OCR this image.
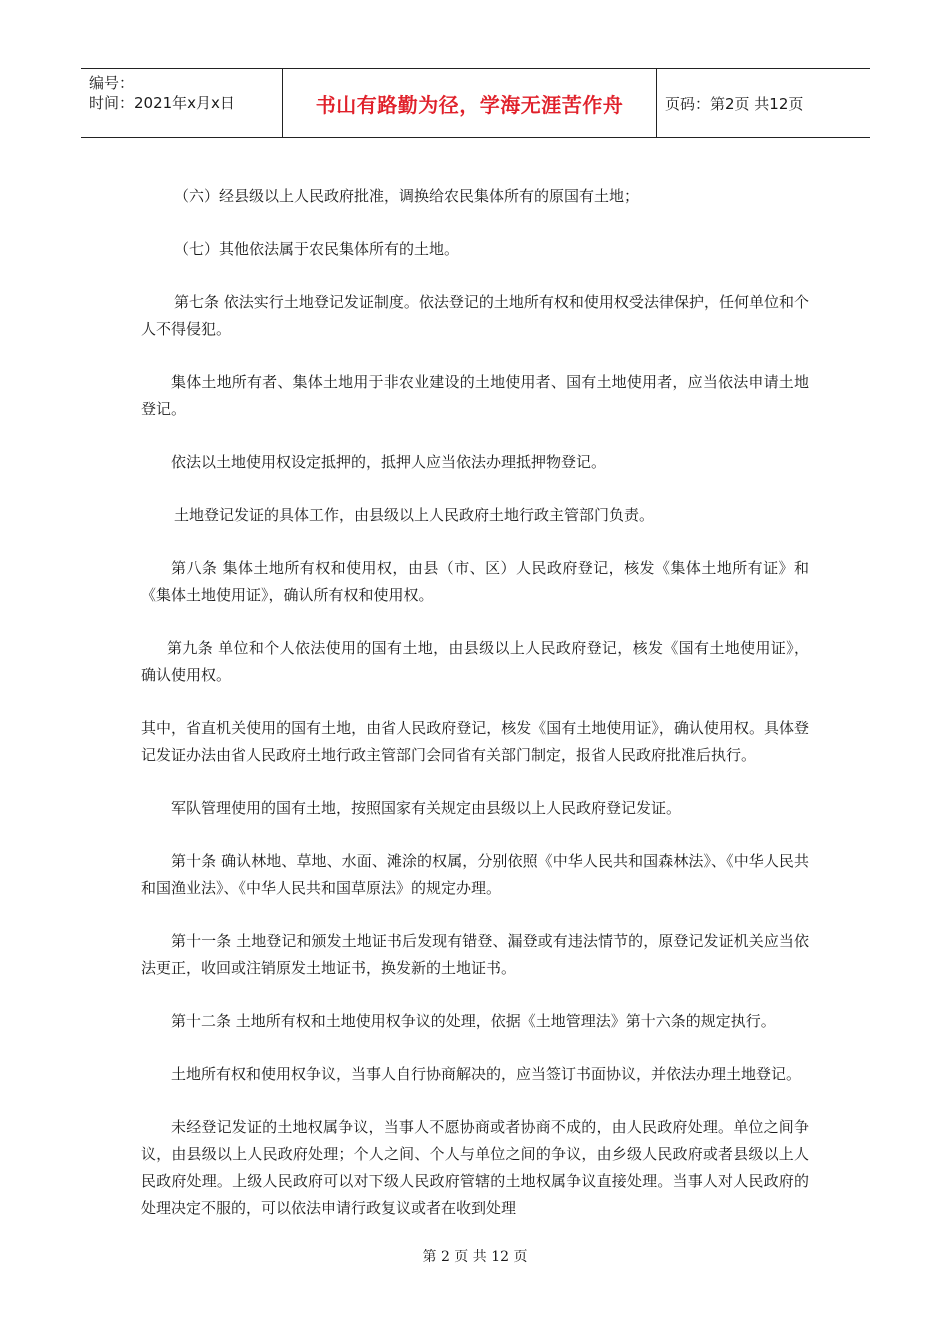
编号：
时间：2021年x月x日	书山有路勤为径，学海无涯苦作舟	页码：第2页 共12页

（六）经县级以上人民政府批准，调换给农民集体所有的原国有土地；

（七）其他依法属于农民集体所有的土地。

第七条 依法实行土地登记发证制度。依法登记的土地所有权和使用权受法律保护，任何单位和个人不得侵犯。

集体土地所有者、集体土地用于非农业建设的土地使用者、国有土地使用者，应当依法申请土地登记。

依法以土地使用权设定抵押的，抵押人应当依法办理抵押物登记。

土地登记发证的具体工作，由县级以上人民政府土地行政主管部门负责。

第八条 集体土地所有权和使用权，由县（市、区）人民政府登记，核发《集体土地所有证》和《集体土地使用证》，确认所有权和使用权。

第九条 单位和个人依法使用的国有土地，由县级以上人民政府登记，核发《国有土地使用证》，确认使用权。

其中，省直机关使用的国有土地，由省人民政府登记，核发《国有土地使用证》，确认使用权。具体登记发证办法由省人民政府土地行政主管部门会同省有关部门制定，报省人民政府批准后执行。

军队管理使用的国有土地，按照国家有关规定由县级以上人民政府登记发证。

第十条 确认林地、草地、水面、滩涂的权属，分别依照《中华人民共和国森林法》、《中华人民共和国渔业法》、《中华人民共和国草原法》的规定办理。

第十一条 土地登记和颁发土地证书后发现有错登、漏登或有违法情节的，原登记发证机关应当依法更正，收回或注销原发土地证书，换发新的土地证书。

第十二条 土地所有权和土地使用权争议的处理，依据《土地管理法》第十六条的规定执行。

土地所有权和使用权争议，当事人自行协商解决的，应当签订书面协议，并依法办理土地登记。

未经登记发证的土地权属争议，当事人不愿协商或者协商不成的，由人民政府处理。单位之间争议，由县级以上人民政府处理；个人之间、个人与单位之间的争议，由乡级人民政府或者县级以上人民政府处理。上级人民政府可以对下级人民政府管辖的土地权属争议直接处理。当事人对人民政府的处理决定不服的，可以依法申请行政复议或者在收到处理

第 2 页 共 12 页
